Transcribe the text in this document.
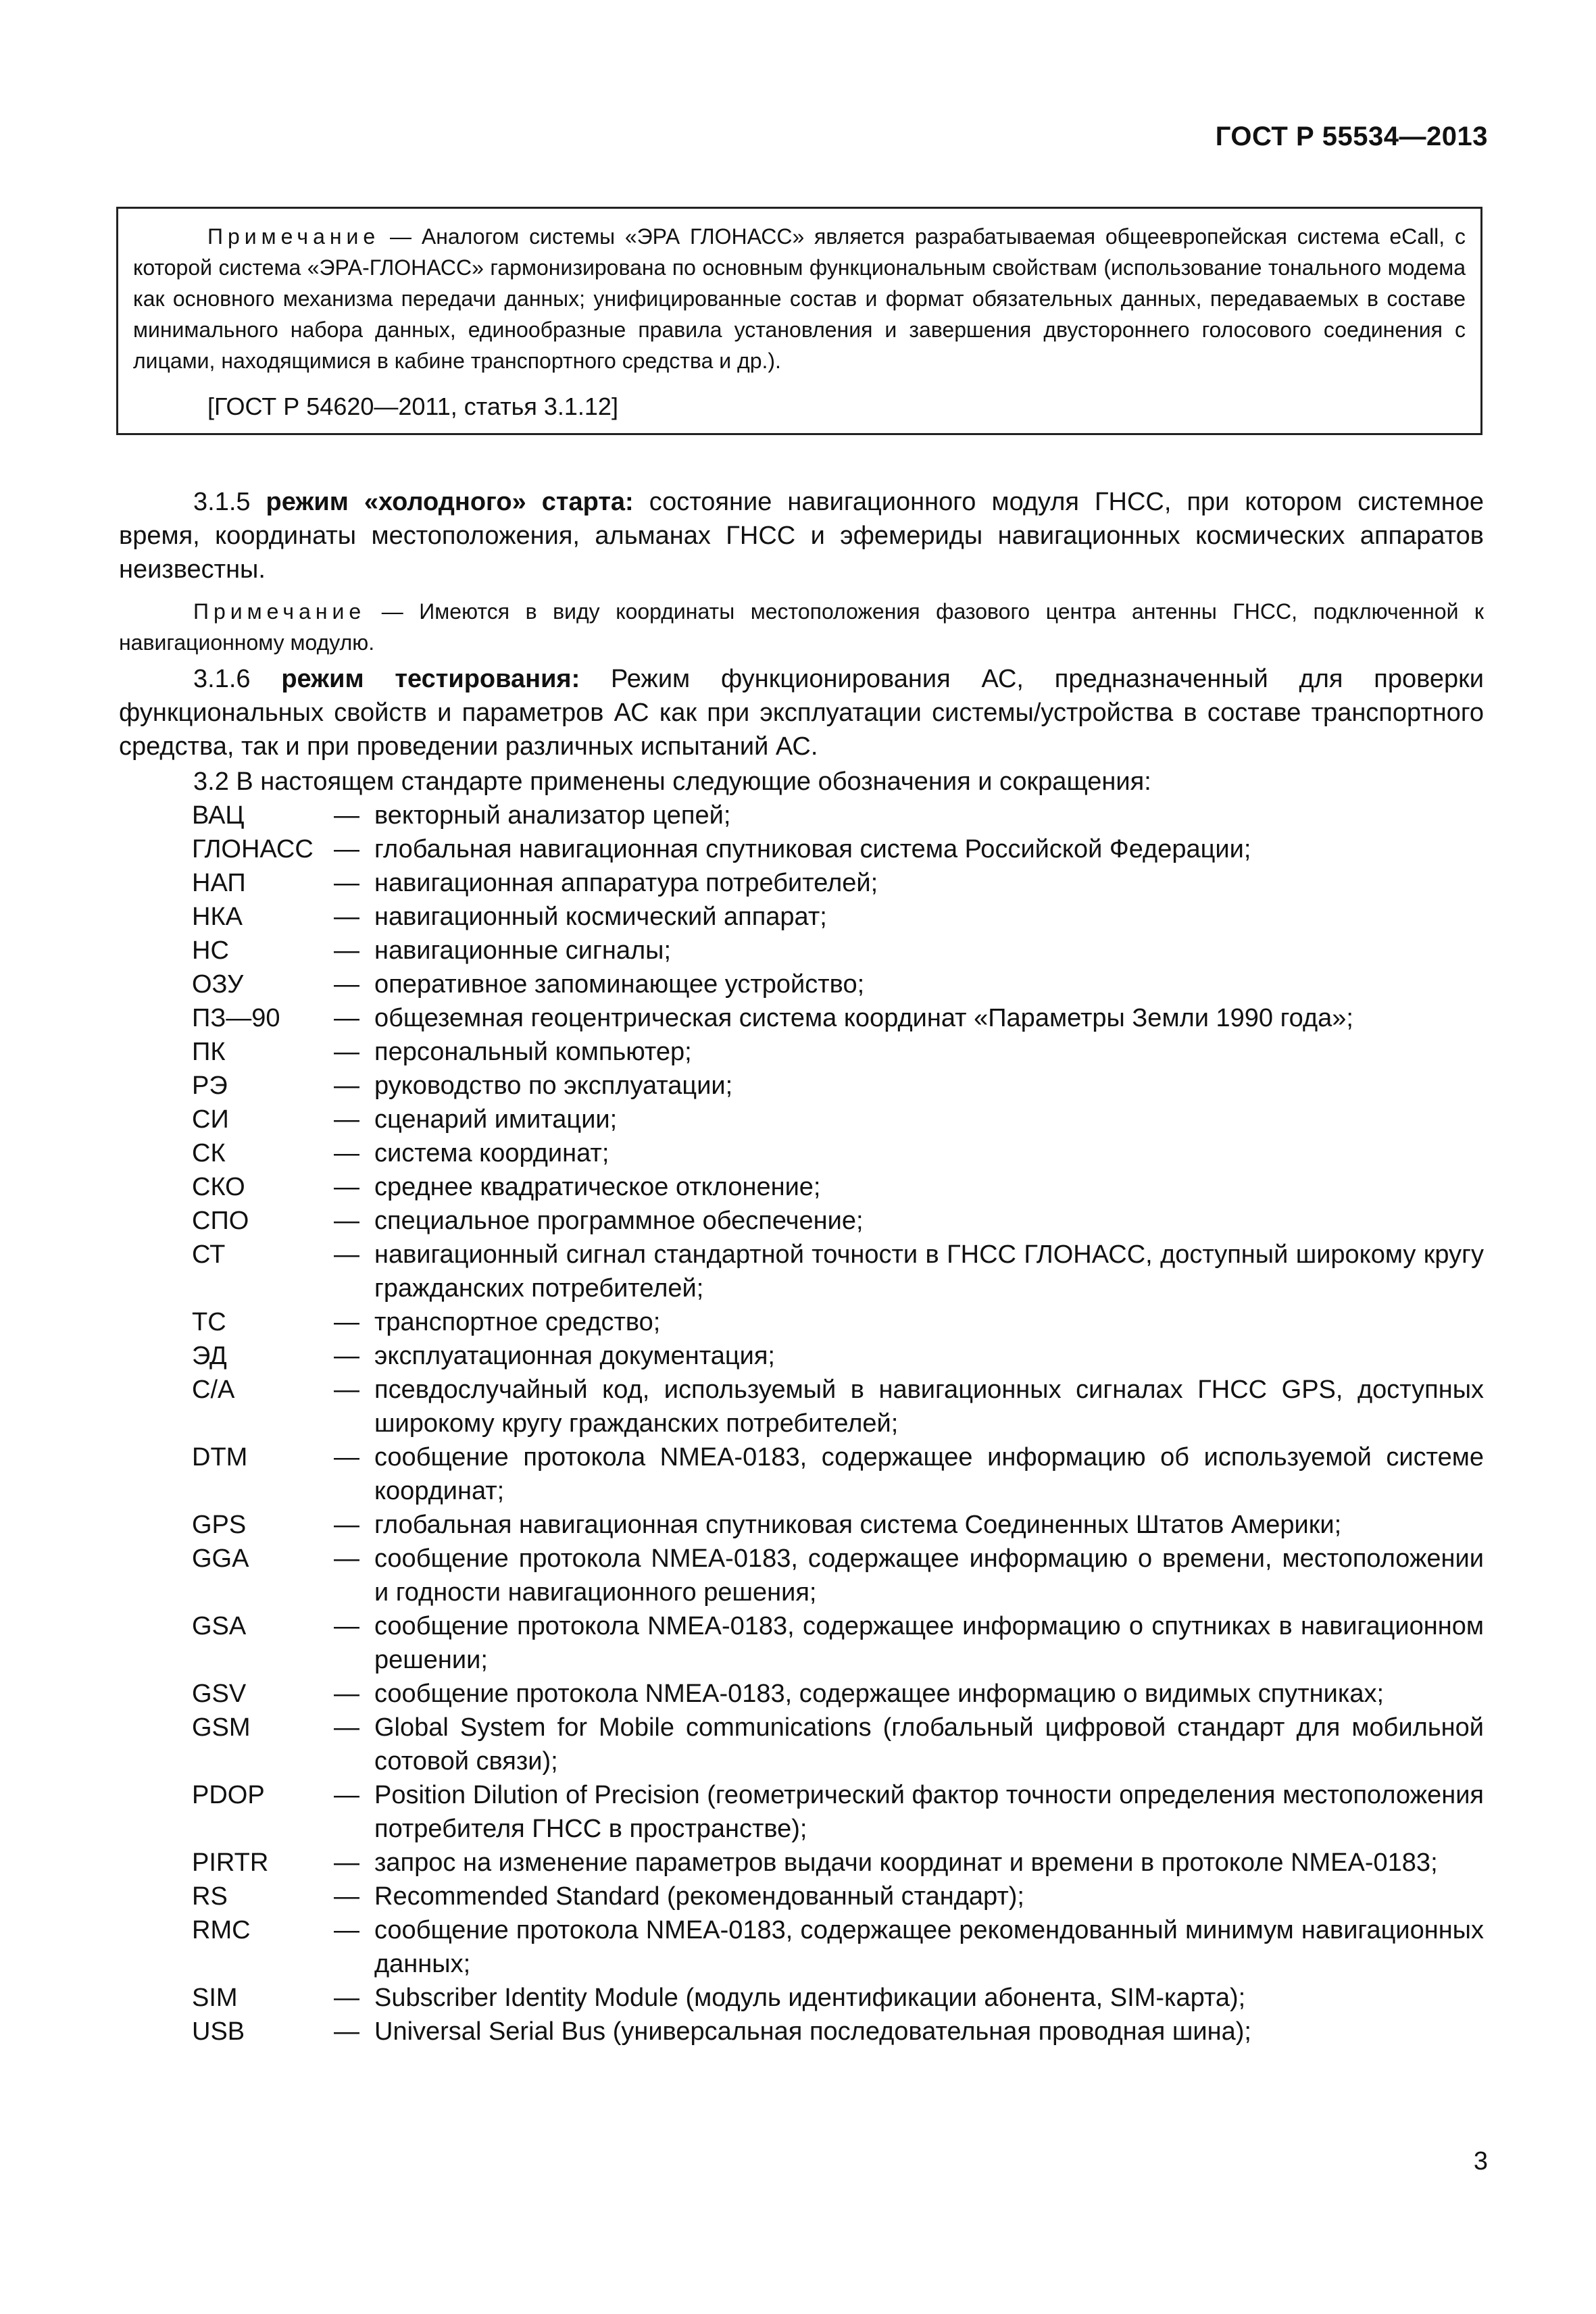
ГОСТ Р 55534—2013

Примечание — Аналогом системы «ЭРА ГЛОНАСС» является разрабатываемая общеевропейская система eCall, с которой система «ЭРА-ГЛОНАСС» гармонизирована по основным функциональным свойствам (использование тонального модема как основного механизма передачи данных; унифицированные состав и формат обязательных данных, передаваемых в составе минимального набора данных, единообразные правила установления и завершения двустороннего голосового соединения с лицами, находящимися в кабине транспортного средства и др.).

[ГОСТ Р 54620—2011, статья 3.1.12]

3.1.5 режим «холодного» старта: состояние навигационного модуля ГНСС, при котором системное время, координаты местоположения, альманах ГНСС и эфемериды навигационных космических аппаратов неизвестны.

Примечание — Имеются в виду координаты местоположения фазового центра антенны ГНСС, подключенной к навигационному модулю.

3.1.6 режим тестирования: Режим функционирования АС, предназначенный для проверки функциональных свойств и параметров АС как при эксплуатации системы/устройства в составе транспортного средства, так и при проведении различных испытаний АС.

3.2 В настоящем стандарте применены следующие обозначения и сокращения:

ВАЦ	— векторный анализатор цепей;
ГЛОНАСС — глобальная навигационная спутниковая система Российской Федерации;
НАП	— навигационная аппаратура потребителей;
НКА	— навигационный космический аппарат;
НС	— навигационные сигналы;
ОЗУ	— оперативное запоминающее устройство;
ПЗ—90	— общеземная геоцентрическая система координат «Параметры Земли 1990 года»;
ПК	— персональный компьютер;
РЭ	— руководство по эксплуатации;
СИ	— сценарий имитации;
СК	— система координат;
СКО	— среднее квадратическое отклонение;
СПО	— специальное программное обеспечение;
СТ	— навигационный сигнал стандартной точности в ГНСС ГЛОНАСС, доступный широкому кругу гражданских потребителей;
ТС	— транспортное средство;
ЭД	— эксплуатационная документация;
C/A	— псевдослучайный код, используемый в навигационных сигналах ГНСС GPS, доступных широкому кругу гражданских потребителей;
DTM	— сообщение протокола NMEA-0183, содержащее информацию об используемой системе координат;
GPS	— глобальная навигационная спутниковая система Соединенных Штатов Америки;
GGA	— сообщение протокола NMEA-0183, содержащее информацию о времени, местоположении и годности навигационного решения;
GSA	— сообщение протокола NMEA-0183, содержащее информацию о спутниках в навигационном решении;
GSV	— сообщение протокола NMEA-0183, содержащее информацию о видимых спутниках;
GSM	— Global System for Mobile communications (глобальный цифровой стандарт для мобильной сотовой связи);
PDOP	— Position Dilution of Precision (геометрический фактор точности определения местоположения потребителя ГНСС в пространстве);
PIRTR	— запрос на изменение параметров выдачи координат и времени в протоколе NMEA-0183;
RS	— Recommended Standard (рекомендованный стандарт);
RMC	— сообщение протокола NMEA-0183, содержащее рекомендованный минимум навигационных данных;
SIM	— Subscriber Identity Module (модуль идентификации абонента, SIM-карта);
USB	— Universal Serial Bus (универсальная последовательная проводная шина);
3
